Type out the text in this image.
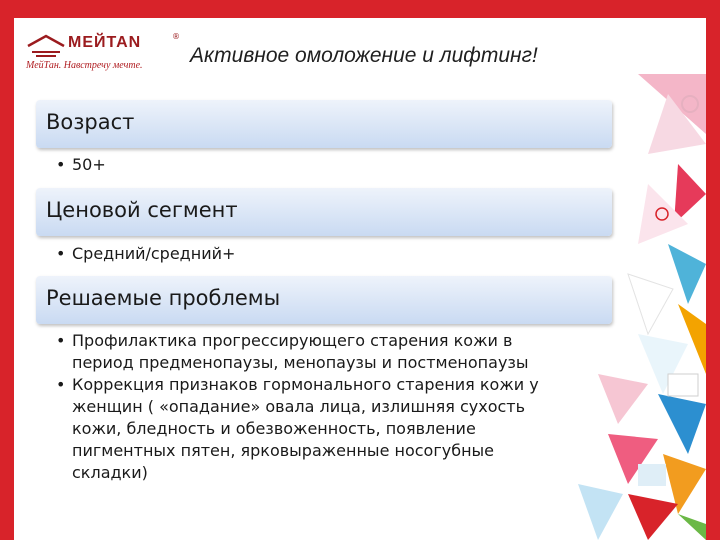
MEЙTAN	®
МейТан. Навстречу мечте. Активное омоложение и лифтинг!
Возраст
• 50+
Ценовой сегмент
• Средний/средний+
Решаемые проблемы
• Профилактика прогрессирующего старения кожи в период предменопаузы, менопаузы и постменопаузы
• Коррекция признаков гормонального старения кожи у женщин ( «опадание» овала лица, излишняя сухость кожи, бледность и обезвоженность, появление пигментных пятен, ярковыраженные носогубные складки)
